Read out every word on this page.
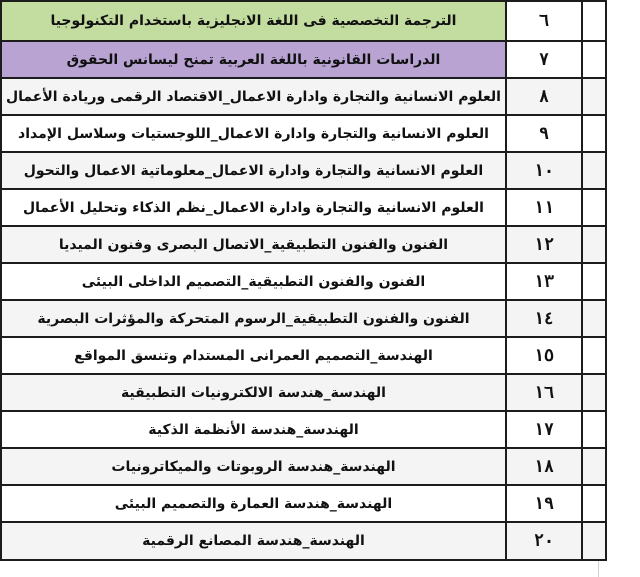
	٦	الترجمة التخصصية فى اللغة الانجليزية باستخدام التكنولوجيا
	٧	الدراسات القانونية باللغة العربية تمنح ليسانس الحقوق
	٨	العلوم الانسانية والتجارة وادارة الاعمال_الاقتصاد الرقمى وريادة الأعمال
	٩	العلوم الانسانية والتجارة وادارة الاعمال_اللوجستيات وسلاسل الإمداد
	١٠	العلوم الانسانية والتجارة وادارة الاعمال_معلوماتية الاعمال والتحول
	١١	العلوم الانسانية والتجارة وادارة الاعمال_نظم الذكاء وتحليل الأعمال
	١٢	الفنون والفنون التطبيقية_الاتصال البصرى وفنون الميديا
	١٣	الفنون والفنون التطبيقية_التصميم الداخلى البيئى
	١٤	الفنون والفنون التطبيقية_الرسوم المتحركة والمؤثرات البصرية
	١٥	الهندسة_التصميم العمرانى المستدام وتنسق المواقع
	١٦	الهندسة_هندسة الالكترونيات التطبيقية
	١٧	الهندسة_هندسة الأنظمة الذكية
	١٨	الهندسة_هندسة الروبوتات والميكاترونيات
	١٩	الهندسة_هندسة العمارة والتصميم البيئى
	٢٠	الهندسة_هندسة المصانع الرقمية
